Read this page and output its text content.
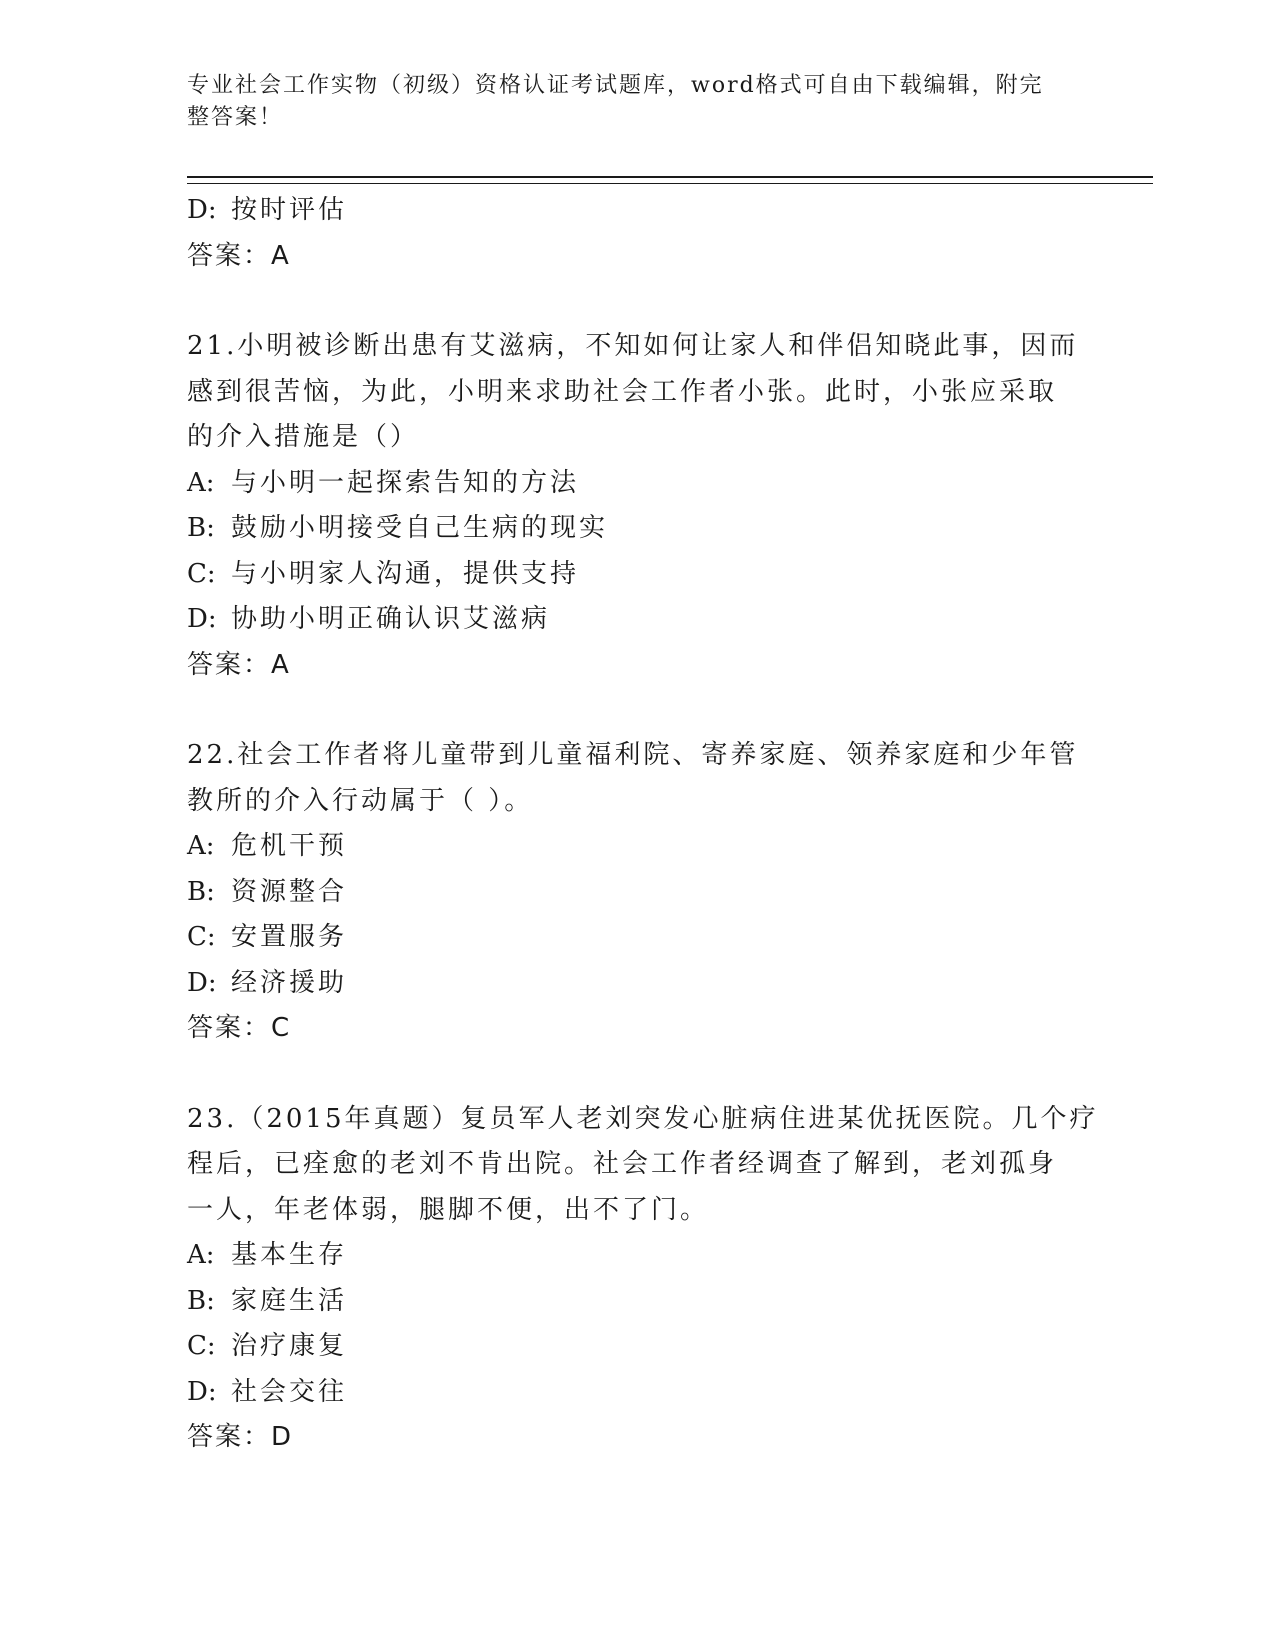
专业社会工作实物（初级）资格认证考试题库，word格式可自由下载编辑，附完
整答案！
D: 按时评估
答案：A
21.小明被诊断出患有艾滋病，不知如何让家人和伴侣知晓此事，因而
感到很苦恼，为此，小明来求助社会工作者小张。此时，小张应采取
的介入措施是（）
A: 与小明一起探索告知的方法
B: 鼓励小明接受自己生病的现实
C: 与小明家人沟通，提供支持
D: 协助小明正确认识艾滋病
答案：A
22.社会工作者将儿童带到儿童福利院、寄养家庭、领养家庭和少年管
教所的介入行动属于（ ）。
A: 危机干预
B: 资源整合
C: 安置服务
D: 经济援助
答案：C
23.（2015年真题）复员军人老刘突发心脏病住进某优抚医院。几个疗
程后，已痊愈的老刘不肯出院。社会工作者经调查了解到，老刘孤身
一人，年老体弱，腿脚不便，出不了门。
A: 基本生存
B: 家庭生活
C: 治疗康复
D: 社会交往
答案：D
